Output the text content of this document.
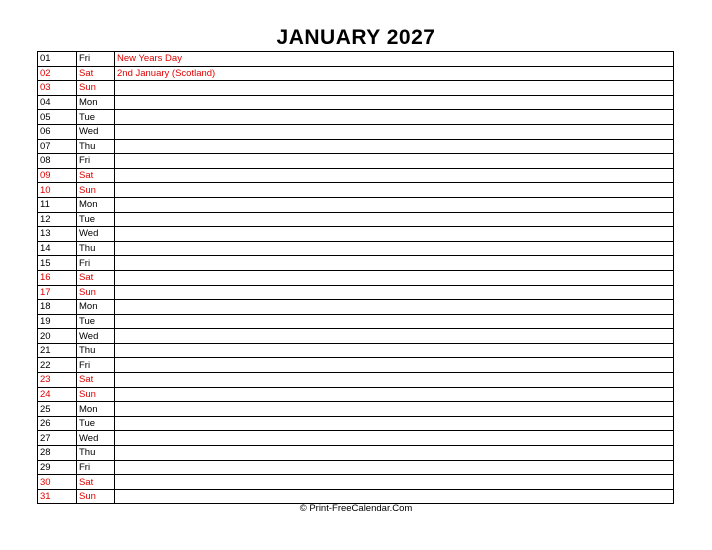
JANUARY 2027
01	Fri	New Years Day
02	Sat	2nd January (Scotland)
03	Sun	
04	Mon	
05	Tue	
06	Wed	
07	Thu	
08	Fri	
09	Sat	
10	Sun	
11	Mon	
12	Tue	
13	Wed	
14	Thu	
15	Fri	
16	Sat	
17	Sun	
18	Mon	
19	Tue	
20	Wed	
21	Thu	
22	Fri	
23	Sat	
24	Sun	
25	Mon	
26	Tue	
27	Wed	
28	Thu	
29	Fri	
30	Sat	
31	Sun	
© Print-FreeCalendar.Com
